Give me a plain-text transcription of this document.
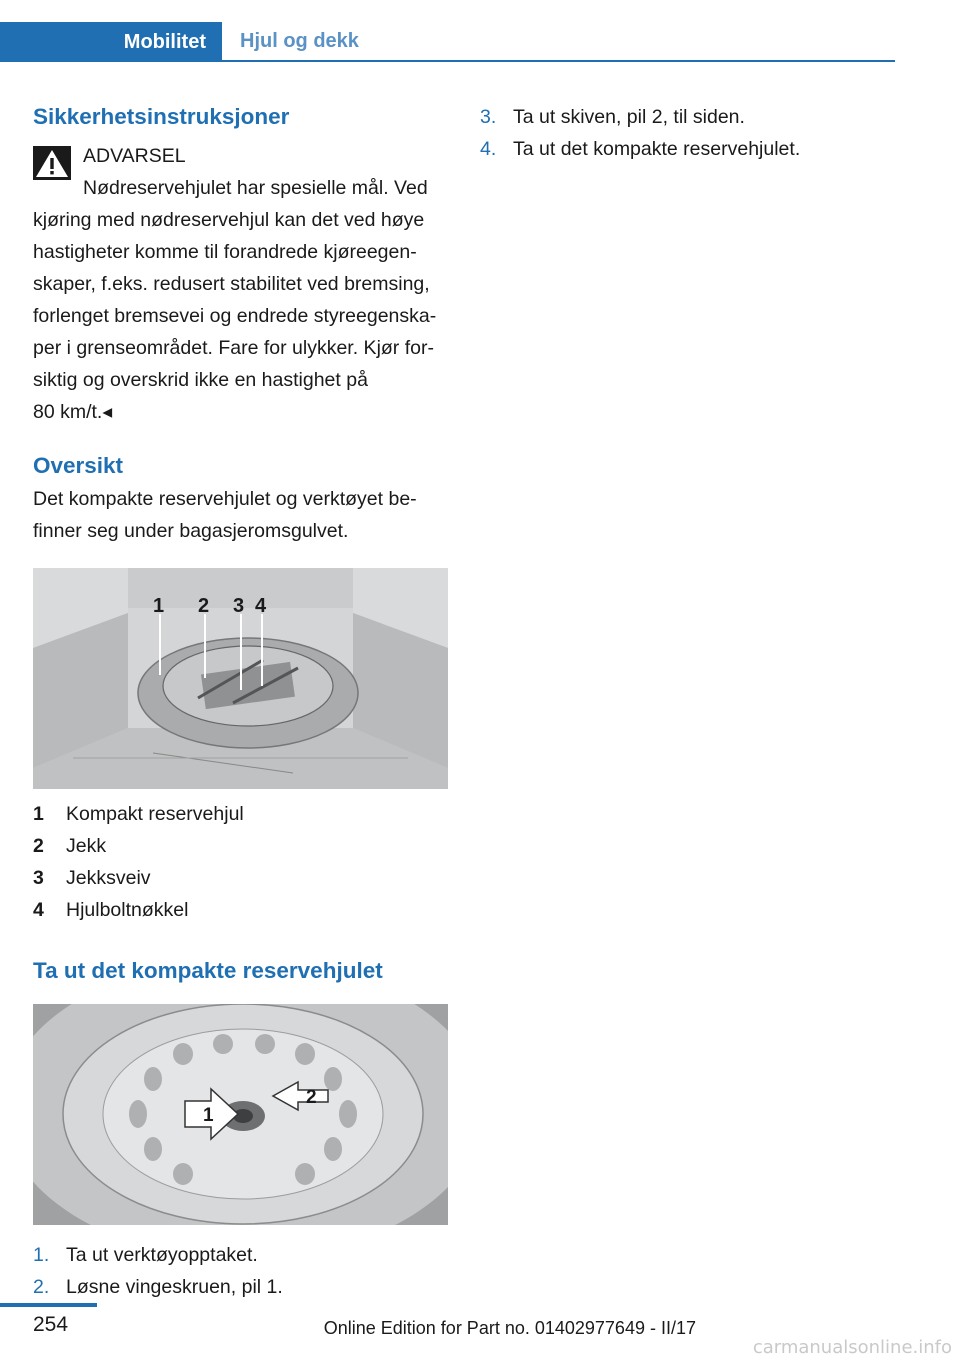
Mobilitet	Hjul og dekk
Sikkerhetsinstruksjoner

ADVARSEL

Nødreservehjulet har spesielle mål. Ved

kjøring med nødreservehjul kan det ved høye

hastigheter komme til forandrede kjøreegen-

skaper, f.eks. redusert stabilitet ved bremsing,

forlenget bremsevei og endrede styreegenska-

per i grenseområdet. Fare for ulykker. Kjør for-

siktig og overskrid ikke en hastighet på

80 km/t.◂

Oversikt

Det kompakte reservehjulet og verktøyet be-

finner seg under bagasjeromsgulvet.

1 2 3 4
1	Kompakt reservehjul
2	Jekk
3	Jekksveiv
4	Hjulboltnøkkel
Ta ut det kompakte reservehjulet
1
2
1. Ta ut verktøyopptaket.
2. Løsne vingeskruen, pil 1.
3. Ta ut skiven, pil 2, til siden.
4. Ta ut det kompakte reservehjulet.
254	Online Edition for Part no. 01402977649 - II/17
carmanualsonline.info
